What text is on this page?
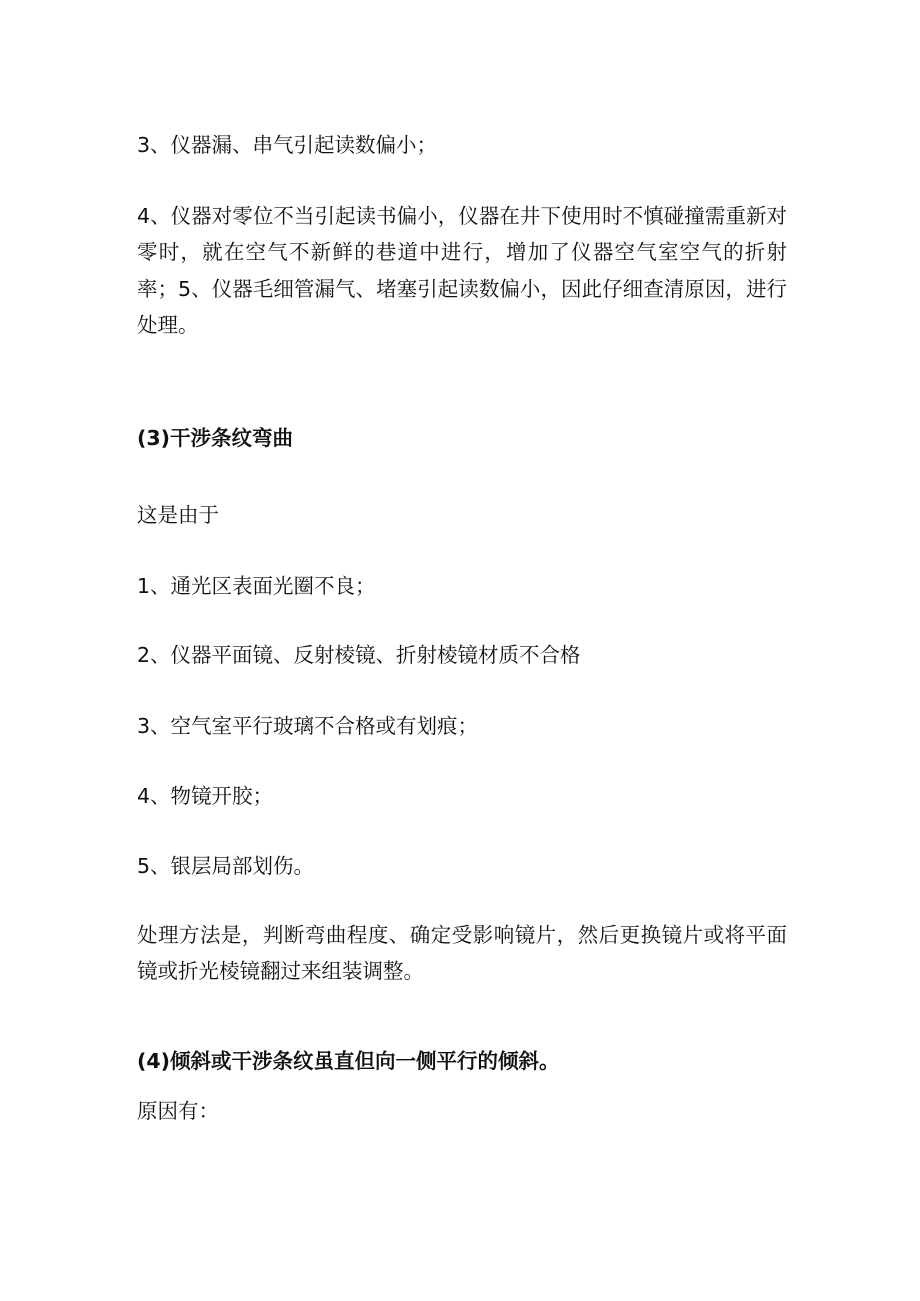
3、仪器漏、串气引起读数偏小；
4、仪器对零位不当引起读书偏小，仪器在井下使用时不慎碰撞需重新对零时，就在空气不新鲜的巷道中进行，增加了仪器空气室空气的折射率；5、仪器毛细管漏气、堵塞引起读数偏小，因此仔细查清原因，进行处理。
(3)干涉条纹弯曲
这是由于
1、通光区表面光圈不良；
2、仪器平面镜、反射棱镜、折射棱镜材质不合格
3、空气室平行玻璃不合格或有划痕；
4、物镜开胶；
5、银层局部划伤。
处理方法是，判断弯曲程度、确定受影响镜片，然后更换镜片或将平面镜或折光棱镜翻过来组装调整。
(4)倾斜或干涉条纹虽直但向一侧平行的倾斜。
原因有：
